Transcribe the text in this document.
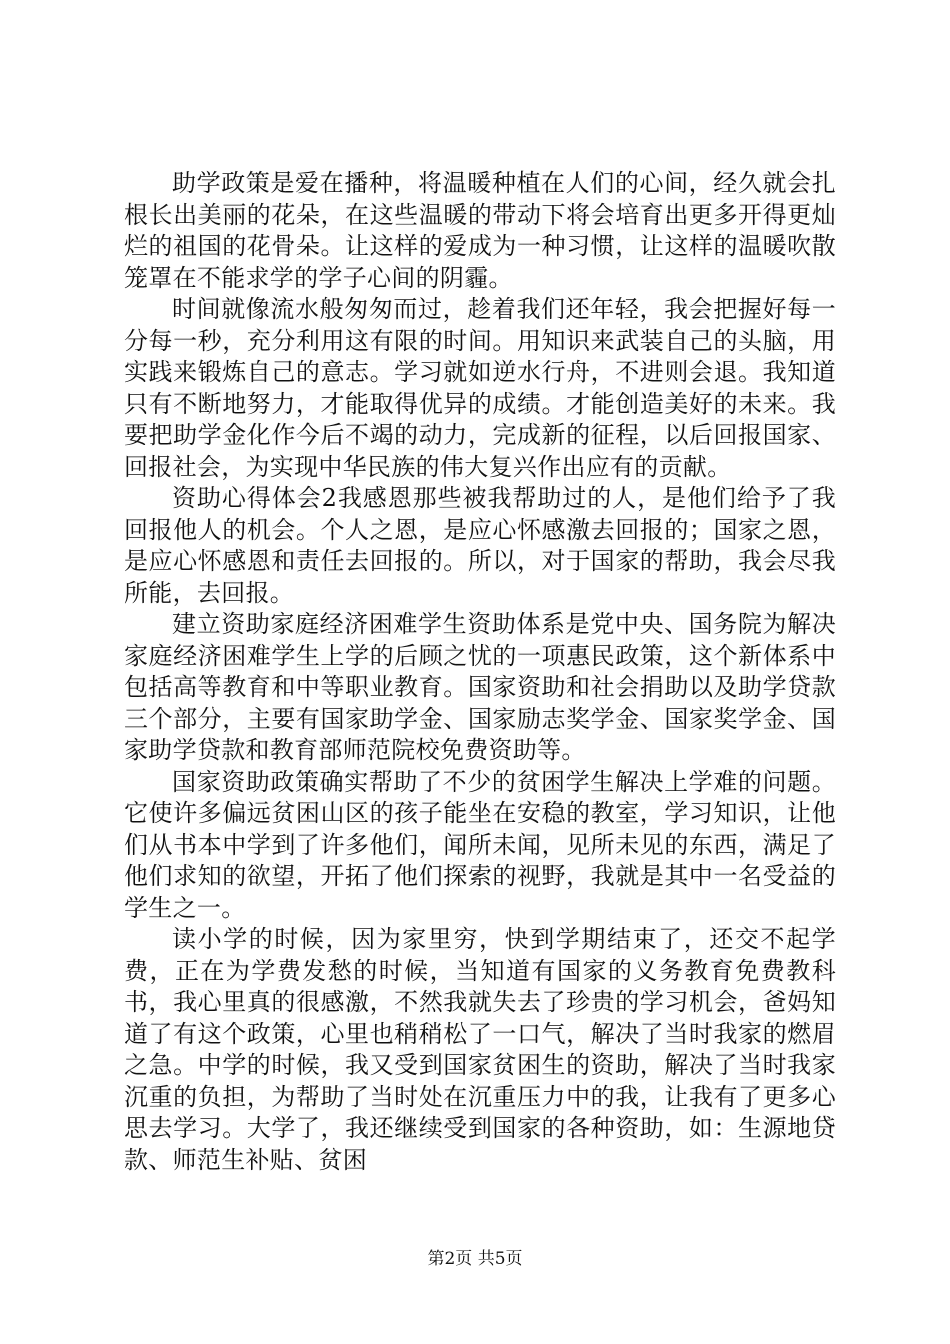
助学政策是爱在播种，将温暖种植在人们的心间，经久就会扎根长出美丽的花朵，在这些温暖的带动下将会培育出更多开得更灿烂的祖国的花骨朵。让这样的爱成为一种习惯，让这样的温暖吹散笼罩在不能求学的学子心间的阴霾。

时间就像流水般匆匆而过，趁着我们还年轻，我会把握好每一分每一秒，充分利用这有限的时间。用知识来武装自己的头脑，用实践来锻炼自己的意志。学习就如逆水行舟，不进则会退。我知道只有不断地努力，才能取得优异的成绩。才能创造美好的未来。我要把助学金化作今后不竭的动力，完成新的征程，以后回报国家、回报社会，为实现中华民族的伟大复兴作出应有的贡献。

资助心得体会2我感恩那些被我帮助过的人，是他们给予了我回报他人的机会。个人之恩，是应心怀感激去回报的；国家之恩，是应心怀感恩和责任去回报的。所以，对于国家的帮助，我会尽我所能，去回报。

建立资助家庭经济困难学生资助体系是党中央、国务院为解决家庭经济困难学生上学的后顾之忧的一项惠民政策，这个新体系中包括高等教育和中等职业教育。国家资助和社会捐助以及助学贷款三个部分，主要有国家助学金、国家励志奖学金、国家奖学金、国家助学贷款和教育部师范院校免费资助等。

国家资助政策确实帮助了不少的贫困学生解决上学难的问题。它使许多偏远贫困山区的孩子能坐在安稳的教室，学习知识，让他们从书本中学到了许多他们，闻所未闻，见所未见的东西，满足了他们求知的欲望，开拓了他们探索的视野，我就是其中一名受益的学生之一。

读小学的时候，因为家里穷，快到学期结束了，还交不起学费，正在为学费发愁的时候，当知道有国家的义务教育免费教科书，我心里真的很感激，不然我就失去了珍贵的学习机会，爸妈知道了有这个政策，心里也稍稍松了一口气，解决了当时我家的燃眉之急。中学的时候，我又受到国家贫困生的资助，解决了当时我家沉重的负担，为帮助了当时处在沉重压力中的我，让我有了更多心思去学习。大学了，我还继续受到国家的各种资助，如：生源地贷款、师范生补贴、贫困

第2页 共5页
